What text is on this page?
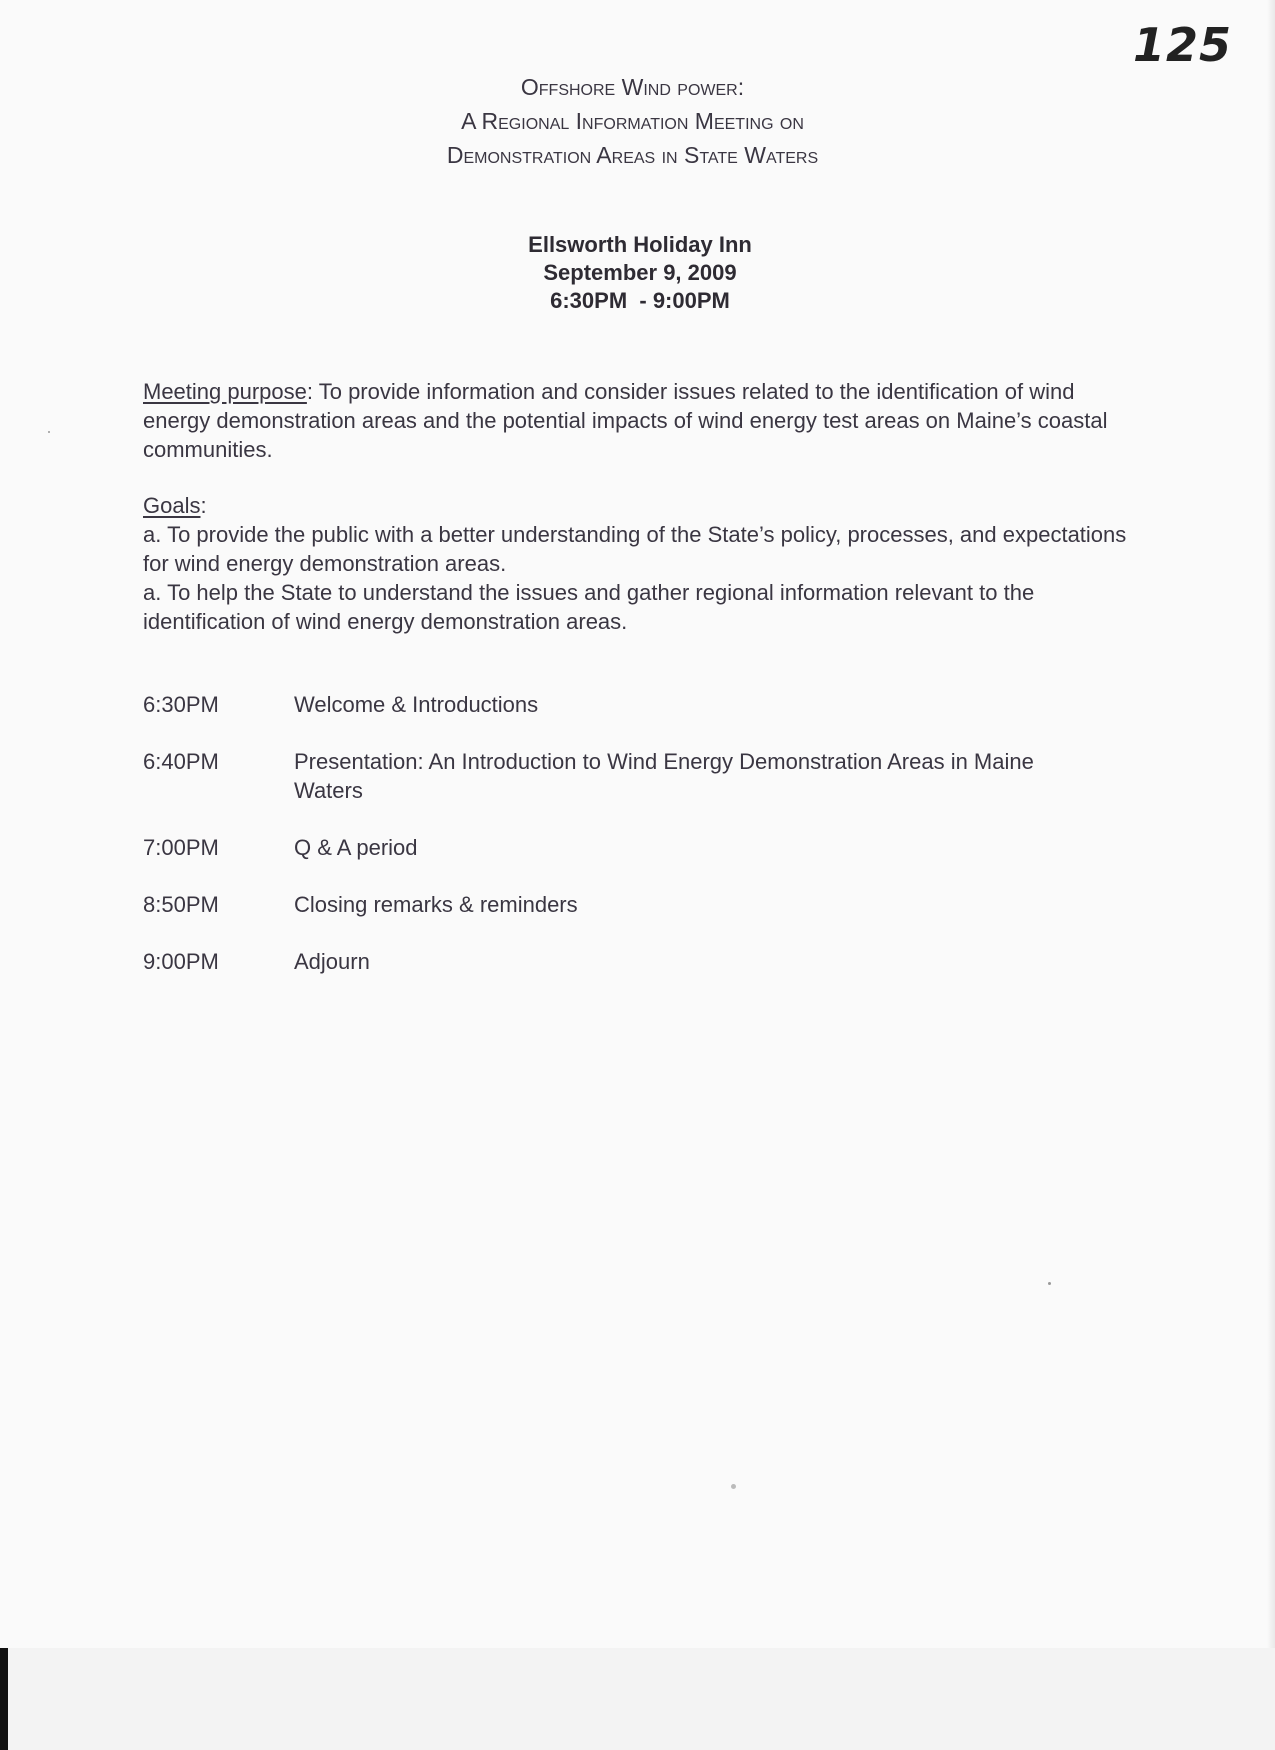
125
Offshore Wind power:
A Regional Information Meeting on
Demonstration Areas in State Waters
Ellsworth Holiday Inn
September 9, 2009
6:30PM  - 9:00PM
Meeting purpose: To provide information and consider issues related to the identification of wind energy demonstration areas and the potential impacts of wind energy test areas on Maine’s coastal communities.
Goals:
a. To provide the public with a better understanding of the State’s policy, processes, and expectations for wind energy demonstration areas.
a. To help the State to understand the issues and gather regional information relevant to the identification of wind energy demonstration areas.
6:30PM	Welcome & Introductions
6:40PM	Presentation: An Introduction to Wind Energy Demonstration Areas in Maine Waters
7:00PM	Q & A period
8:50PM	Closing remarks & reminders
9:00PM	Adjourn
